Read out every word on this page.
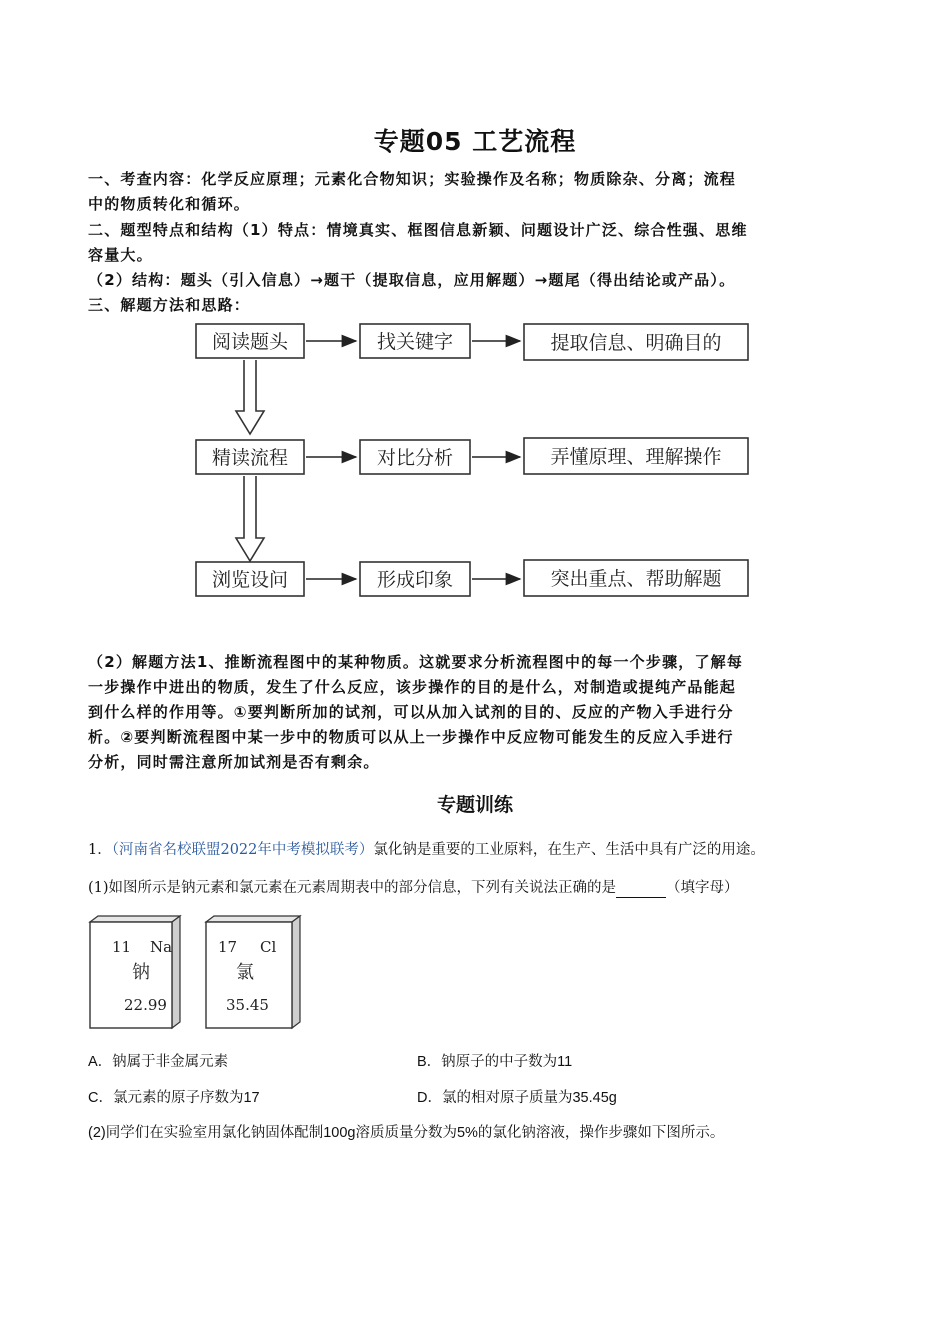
专题05 工艺流程

一、考查内容：化学反应原理；元素化合物知识；实验操作及名称；物质除杂、分离；流程
中的物质转化和循环。

二、题型特点和结构（1）特点：情境真实、框图信息新颖、问题设计广泛、综合性强、思维
容量大。

（2）结构：题头（引入信息）→题干（提取信息，应用解题）→题尾（得出结论或产品）。

三、解题方法和思路：

阅读题头	找关键字	提取信息、明确目的
精读流程	对比分析	弄懂原理、理解操作
浏览设问	形成印象	突出重点、帮助解题

（2）解题方法1、推断流程图中的某种物质。这就要求分析流程图中的每一个步骤，了解每
一步操作中进出的物质，发生了什么反应，该步操作的目的是什么，对制造或提纯产品能起
到什么样的作用等。①要判断所加的试剂，可以从加入试剂的目的、反应的产物入手进行分
析。②要判断流程图中某一步中的物质可以从上一步操作中反应物可能发生的反应入手进行
分析，同时需注意所加试剂是否有剩余。

专题训练
1．（河南省名校联盟2022年中考模拟联考）氯化钠是重要的工业原料，在生产、生活中具有广泛的用途。
(1)如图所示是钠元素和氯元素在元素周期表中的部分信息，下列有关说法正确的是	（填字母）
11 Na
钠
22.99
17 Cl
氯
35.45
A．钠属于非金属元素	B．钠原子的中子数为11
C．氯元素的原子序数为17	D．氯的相对原子质量为35.45g
(2)同学们在实验室用氯化钠固体配制100g溶质质量分数为5%的氯化钠溶液，操作步骤如下图所示。
